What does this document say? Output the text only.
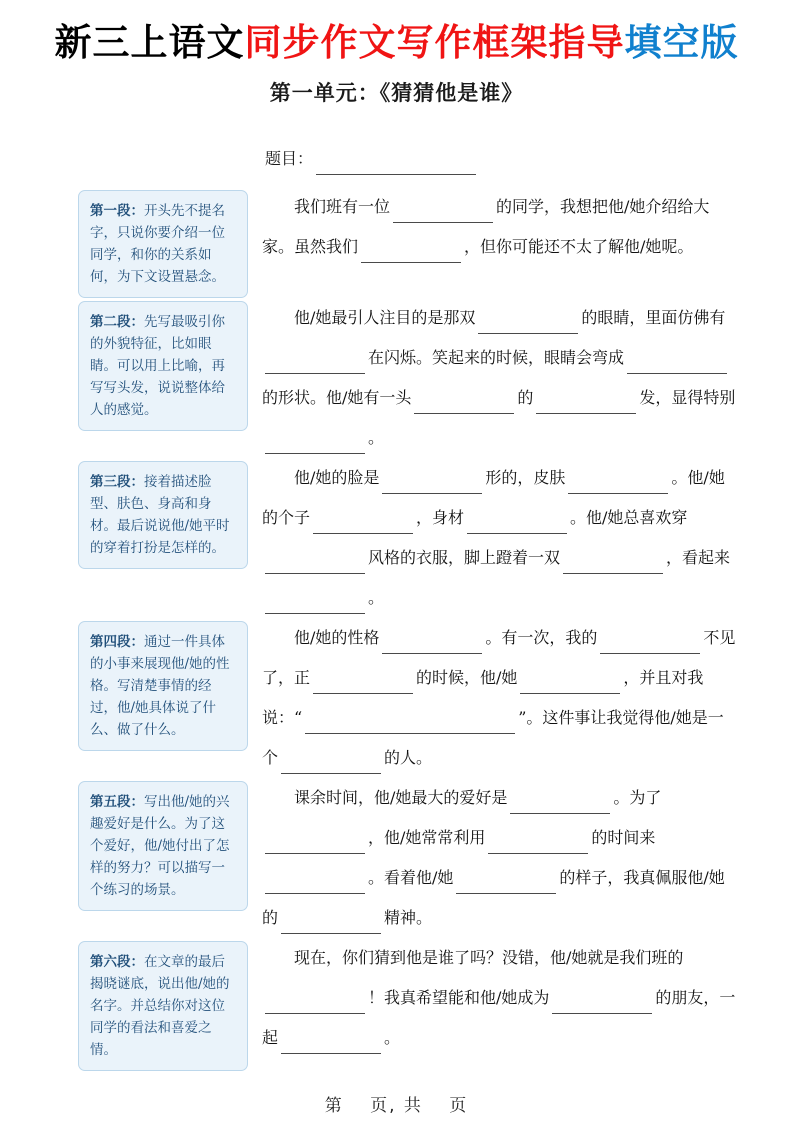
新三上语文同步作文写作框架指导填空版
第一单元：《猜猜他是谁》
题目：
第一段：开头先不提名字，只说你要介绍一位同学，和你的关系如何，为下文设置悬念。

我们班有一位	的同学，我想把他/她介绍给大家。虽然我们	，但你可能还不太了解他/她呢。

第二段：先写最吸引你的外貌特征，比如眼睛。可以用上比喻，再写写头发，说说整体给人的感觉。

他/她最引人注目的是那双	的眼睛，里面仿佛有在闪烁。笑起来的时候，眼睛会弯成的形状。他/她有一头	的	发，显得特别。

第三段：接着描述脸型、肤色、身高和身材。最后说说他/她平时的穿着打扮是怎样的。

他/她的脸是	形的，皮肤	。他/她的个子	，身材	。他/她总喜欢穿风格的衣服，脚上蹬着一双	，看起来。

第四段：通过一件具体的小事来展现他/她的性格。写清楚事情的经过，他/她具体说了什么、做了什么。

他/她的性格	。有一次，我的	不见了，正	的时候，他/她	，并且对我说：“	”。这件事让我觉得他/她是一个	的人。

第五段：写出他/她的兴趣爱好是什么。为了这个爱好，他/她付出了怎样的努力？可以描写一个练习的场景。

课余时间，他/她最大的爱好是	。为了，他/她常常利用	的时间来。看着他/她	的样子，我真佩服他/她的	精神。

第六段：在文章的最后揭晓谜底，说出他/她的名字。并总结你对这位同学的看法和喜爱之情。

现在，你们猜到他是谁了吗？没错，他/她就是我们班的！我真希望能和他/她成为	的朋友，一起	。

第　 页, 共　 页
